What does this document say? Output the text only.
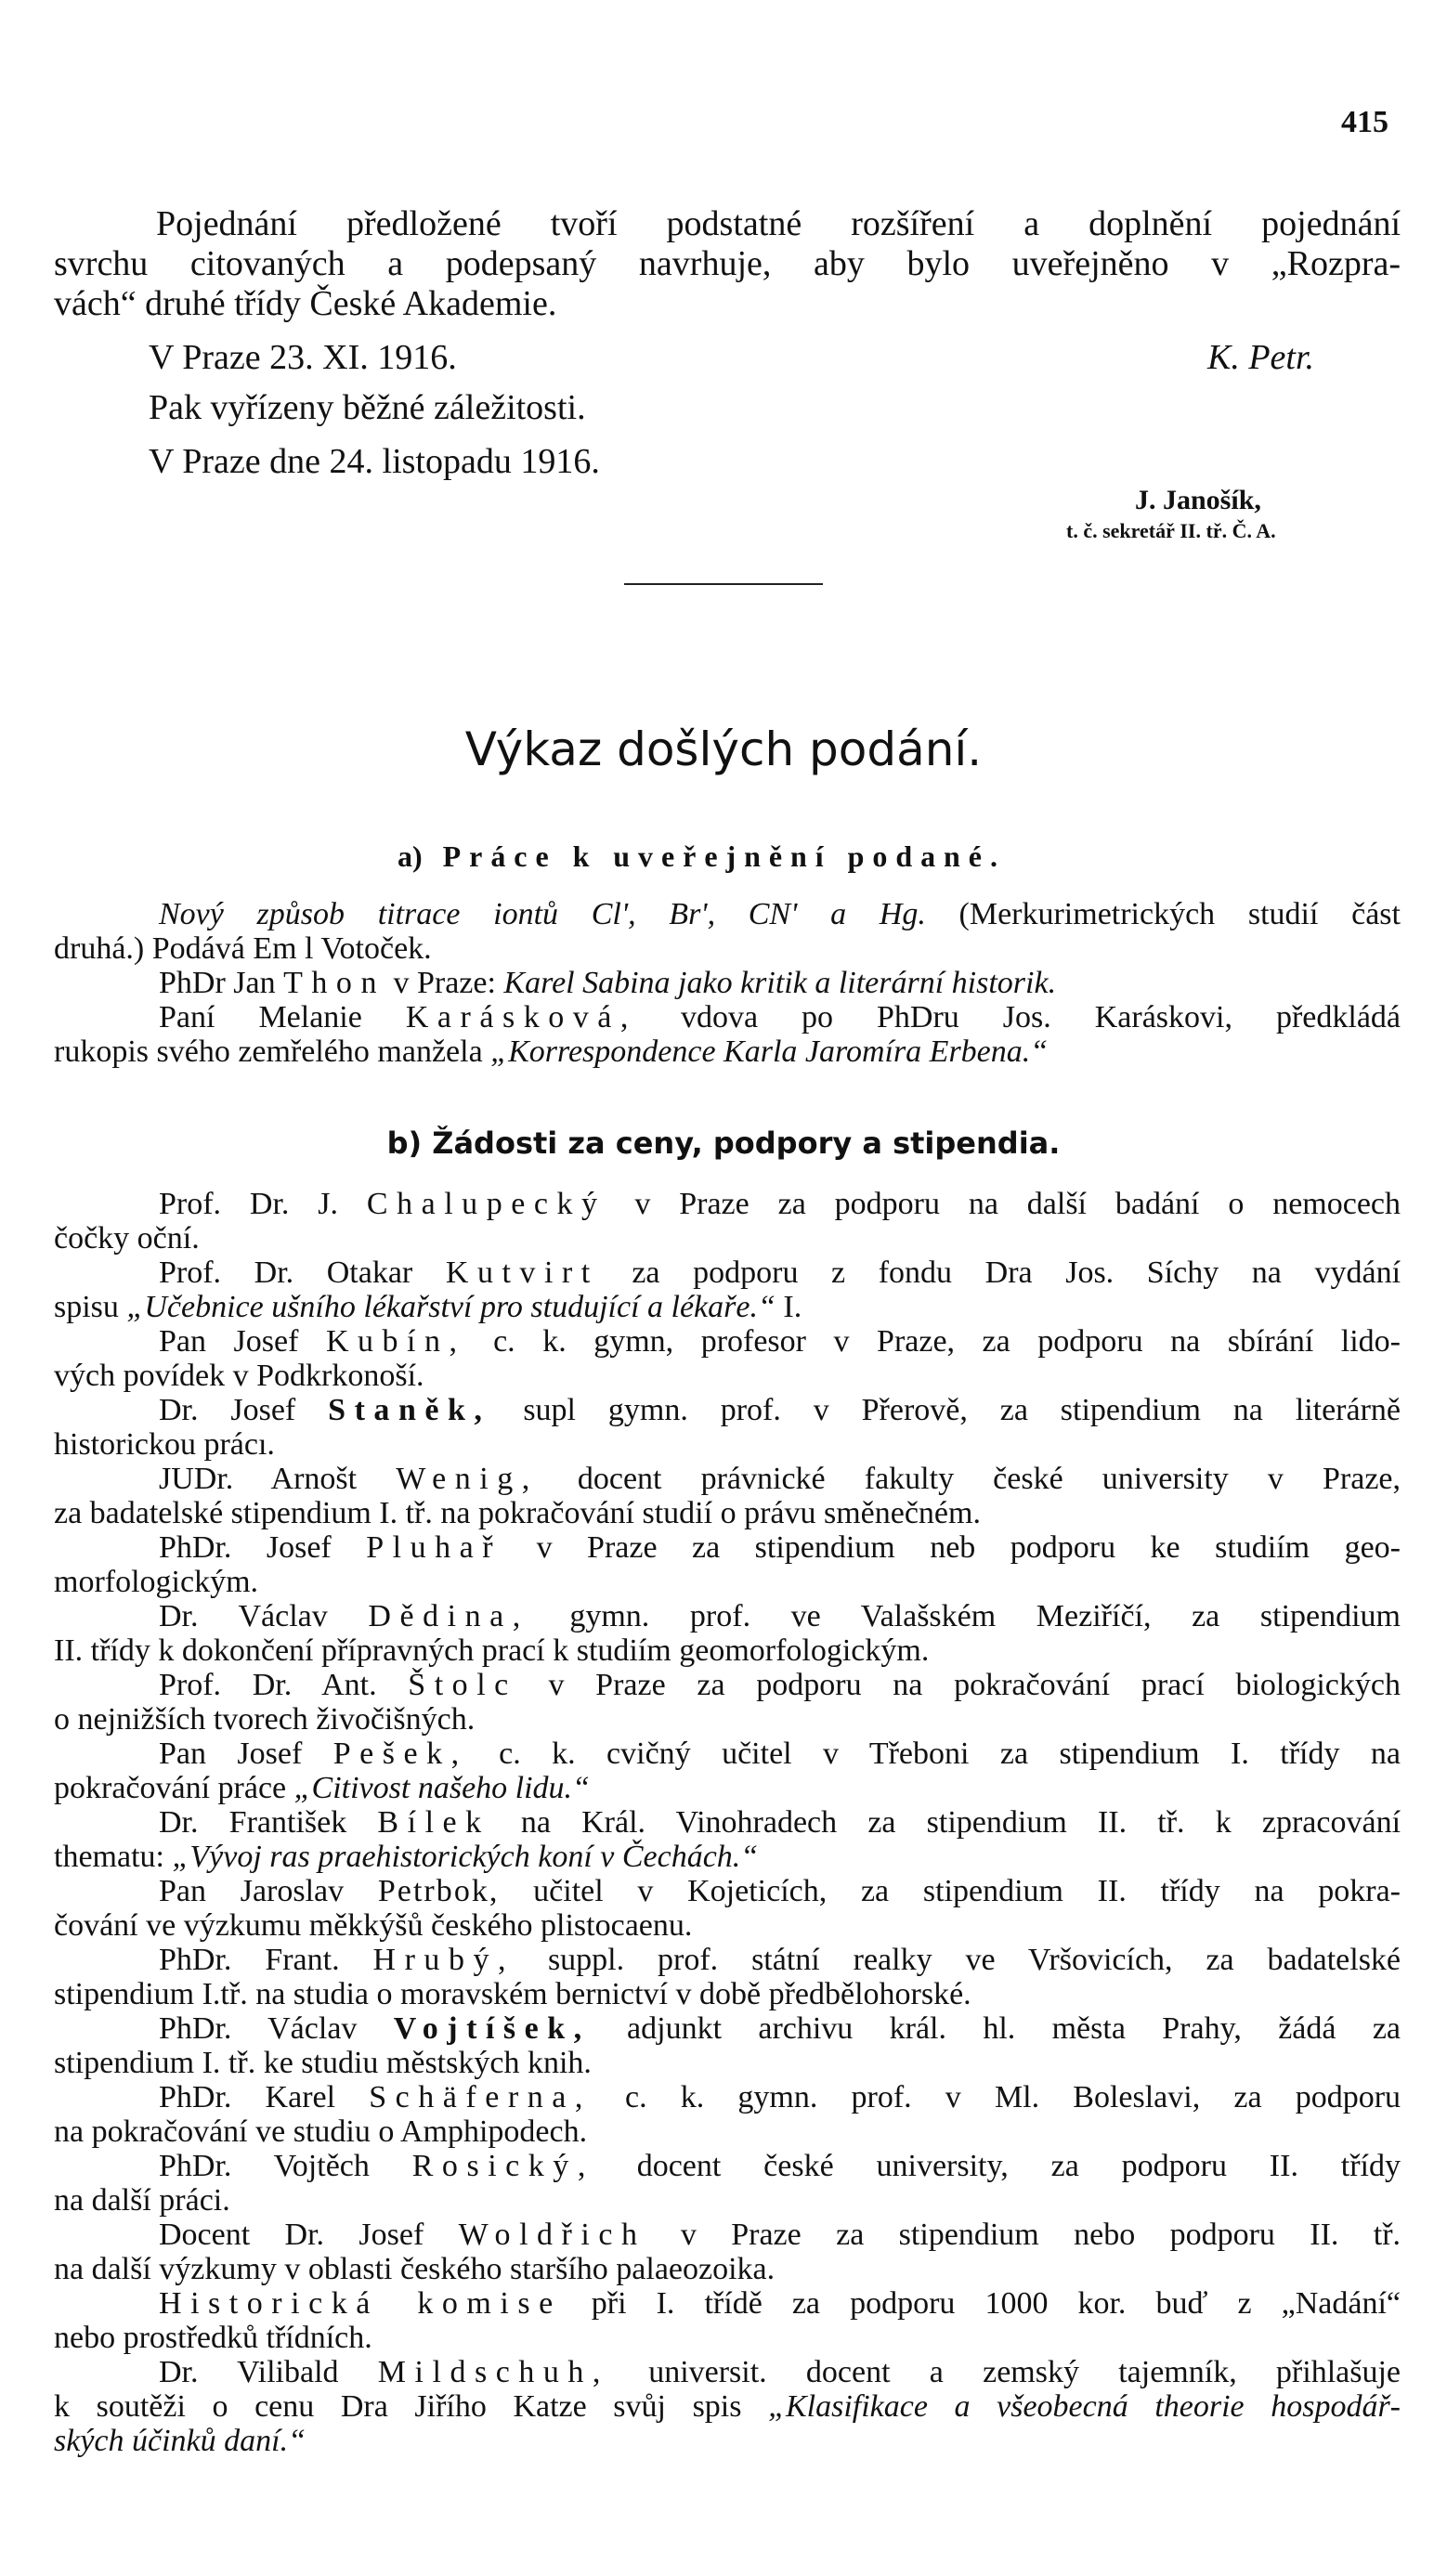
415
Pojednání předložené tvoří podstatné rozšíření a doplnění pojednání
svrchu citovaných a podepsaný navrhuje, aby bylo uveřejněno v „Rozpra-
vách“ druhé třídy České Akademie.
V Praze 23. XI. 1916.	K. Petr.
Pak vyřízeny běžné záležitosti.
V Praze dne 24. listopadu 1916.
J. Janošík,
t. č. sekretář II. tř. Č. A.
Výkaz došlých podání.
a) Práce k uveřejnění podané.

Nový způsob titrace iontů Cl', Br', CN' a Hg. (Merkurimetrických studií část
druhá.) Podává Em l Votoček.

PhDr Jan Thon v Praze: Karel Sabina jako kritik a literární historik.

Paní Melanie Karásková, vdova po PhDru Jos. Karáskovi, předkládá
rukopis svého zemřelého manžela „Korrespondence Karla Jaromíra Erbena.“

b) Žádosti za ceny, podpory a stipendia.

Prof. Dr. J. Chalupecký v Praze za podporu na další badání o nemocech
čočky oční.

Prof. Dr. Otakar Kutvirt za podporu z fondu Dra Jos. Síchy na vydání
spisu „Učebnice ušního lékařství pro studující a lékaře.“ I.

Pan Josef Kubín, c. k. gymn, profesor v Praze, za podporu na sbírání lido-
vých povídek v Podkrkonoší.

Dr. Josef Staněk, supl gymn. prof. v Přerově, za stipendium na literárně
historickou prácı.

JUDr. Arnošt Wenig, docent právnické fakulty české university v Praze,
za badatelské stipendium I. tř. na pokračování studií o právu směnečném.

PhDr. Josef Pluhař v Praze za stipendium neb podporu ke studiím geo-
morfologickým.

Dr. Václav Dědina, gymn. prof. ve Valašském Meziříčí, za stipendium
II. třídy k dokončení přípravných prací k studiím geomorfologickým.

Prof. Dr. Ant. Štolc v Praze za podporu na pokračování prací biologických
o nejnižších tvorech živočišných.

Pan Josef Pešek, c. k. cvičný učitel v Třeboni za stipendium I. třídy na
pokračování práce „Citivost našeho lidu.“

Dr. František Bílek na Král. Vinohradech za stipendium II. tř. k zpracování
thematu: „Vývoj ras praehistorických koní v Čechách.“

Pan Jaroslav Petrbok, učitel v Kojeticích, za stipendium II. třídy na pokra-
čování ve výzkumu měkkýšů českého plistocaenu.

PhDr. Frant. Hrubý, suppl. prof. státní realky ve Vršovicích, za badatelské
stipendium I.tř. na studia o moravském bernictví v době předbělohorské.

PhDr. Václav Vojtíšek, adjunkt archivu král. hl. města Prahy, žádá za
stipendium I. tř. ke studiu městských knih.

PhDr. Karel Schäferna, c. k. gymn. prof. v Ml. Boleslavi, za podporu
na pokračování ve studiu o Amphipodech.

PhDr. Vojtěch Rosický, docent české university, za podporu II. třídy
na další práci.

Docent Dr. Josef Woldřich v Praze za stipendium nebo podporu II. tř.
na další výzkumy v oblasti českého staršího palaeozoika.

Historická komise při I. třídě za podporu 1000 kor. buď z „Nadání“
nebo prostředků třídních.

Dr. Vilibald Mildschuh, universit. docent a zemský tajemník, přihlašuje
k soutěži o cenu Dra Jiřího Katze svůj spis „Klasifikace a všeobecná theorie hospodář-
ských účinků daní.“
